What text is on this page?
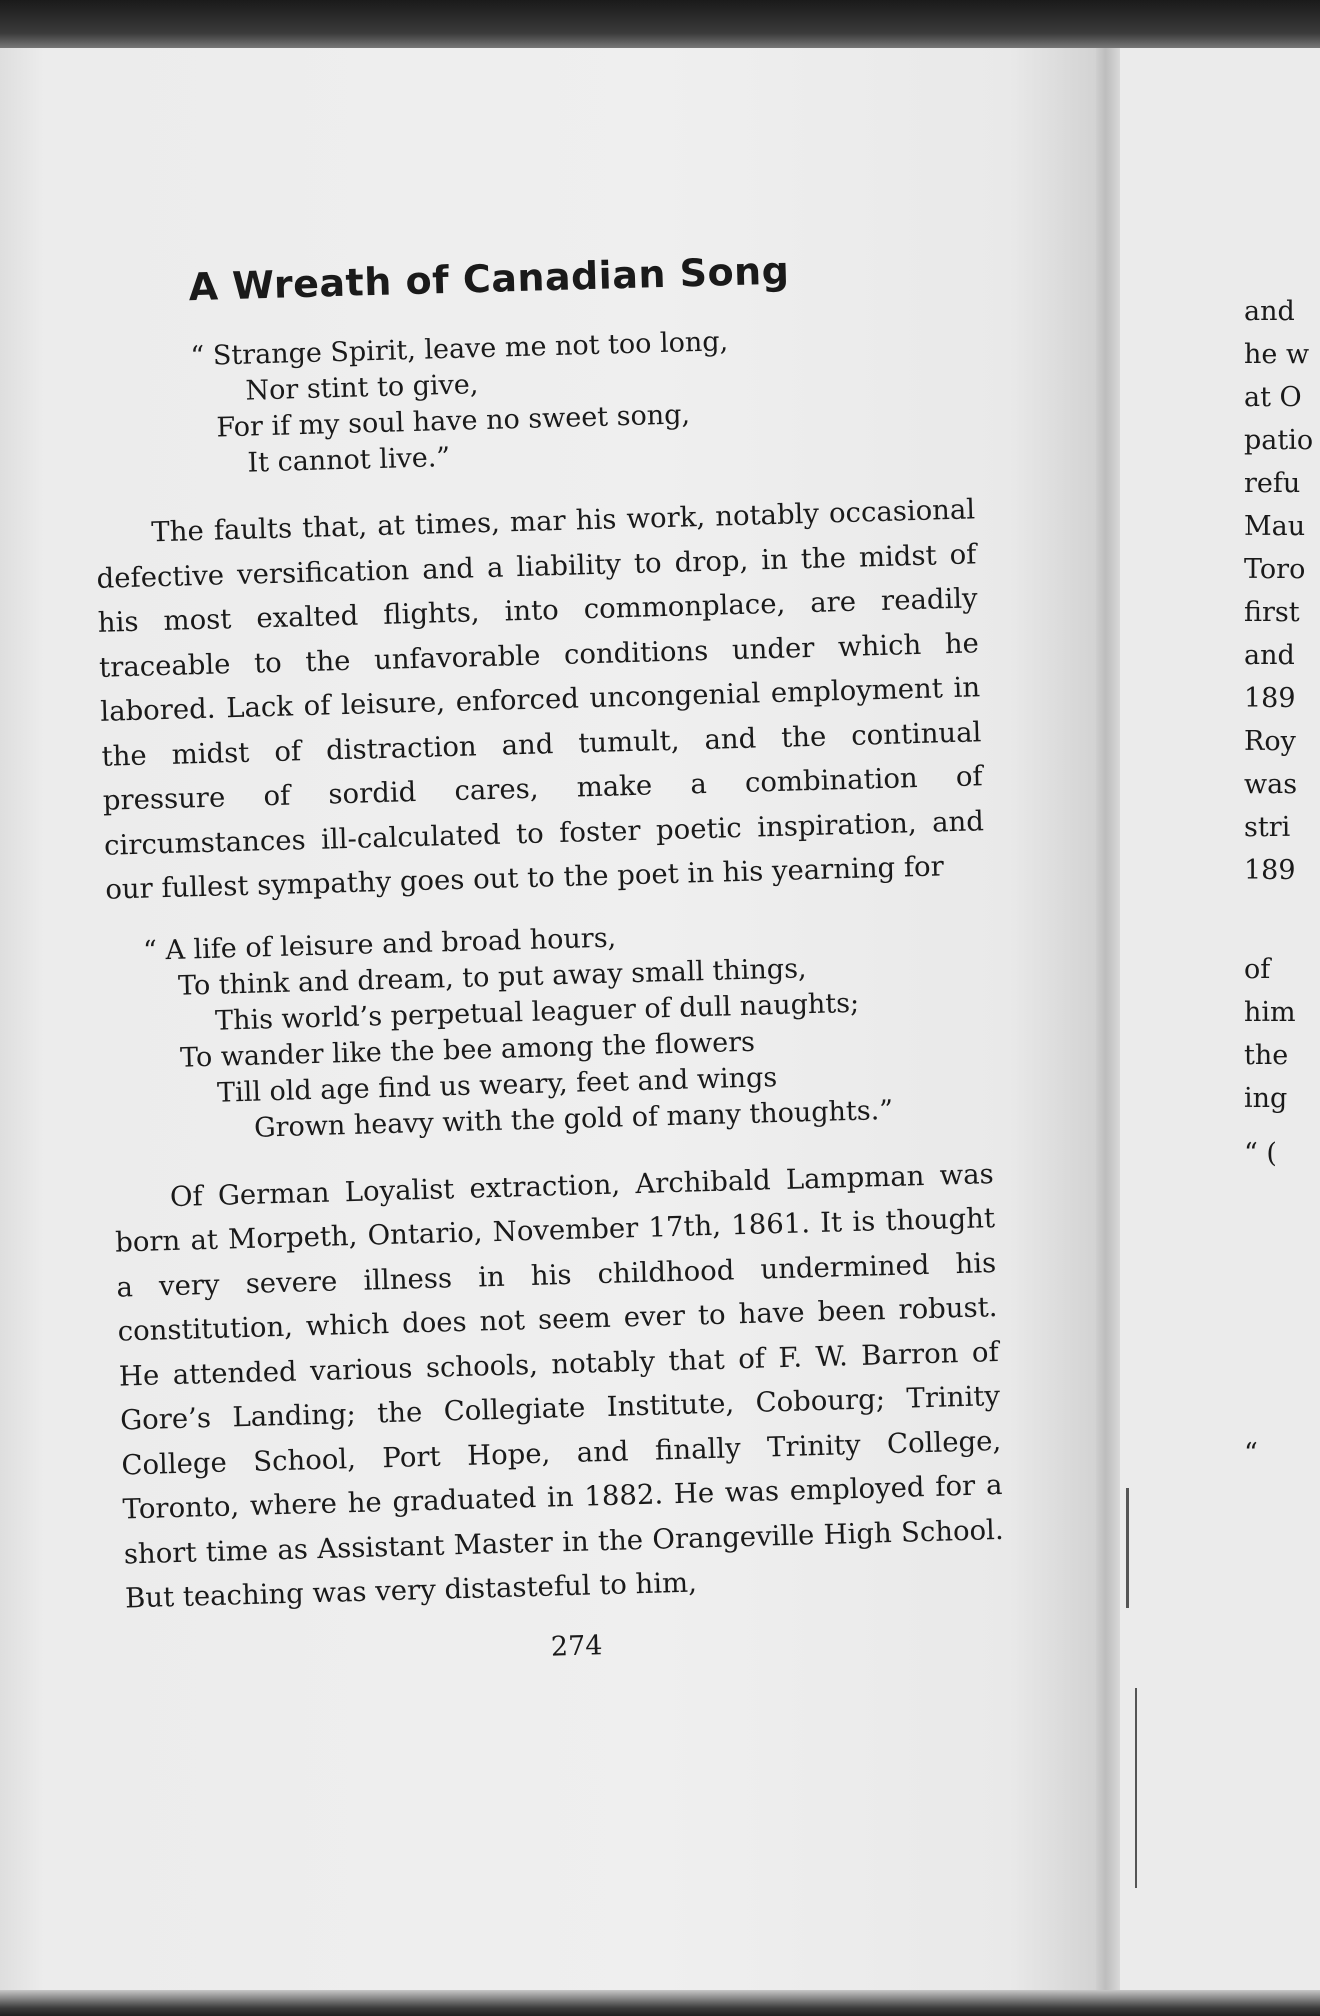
A Wreath of Canadian Song
“ Strange Spirit, leave me not too long,
Nor stint to give,
For if my soul have no sweet song,
It cannot live.”

The faults that, at times, mar his work, notably occasional defective versification and a liability to drop, in the midst of his most exalted flights, into commonplace, are readily traceable to the unfavorable conditions under which he labored. Lack of leisure, enforced uncongenial employment in the midst of distraction and tumult, and the continual pressure of sordid cares, make a combination of circumstances ill-calculated to foster poetic inspiration, and our fullest sympathy goes out to the poet in his yearning for

“ A life of leisure and broad hours,
To think and dream, to put away small things,
This world’s perpetual leaguer of dull naughts;
To wander like the bee among the flowers
Till old age find us weary, feet and wings
Grown heavy with the gold of many thoughts.”

Of German Loyalist extraction, Archibald Lampman was born at Morpeth, Ontario, November 17th, 1861. It is thought a very severe illness in his childhood undermined his constitution, which does not seem ever to have been robust. He attended various schools, notably that of F. W. Barron of Gore’s Landing; the Collegiate Institute, Cobourg; Trinity College School, Port Hope, and finally Trinity College, Toronto, where he graduated in 1882. He was employed for a short time as Assistant Master in the Orangeville High School. But teaching was very distasteful to him,

274
and
he w
at O
patio
refu
Mau
Toro
first
and
189
Roy
was
stri
189
of
him
the
ing
“ (
“
